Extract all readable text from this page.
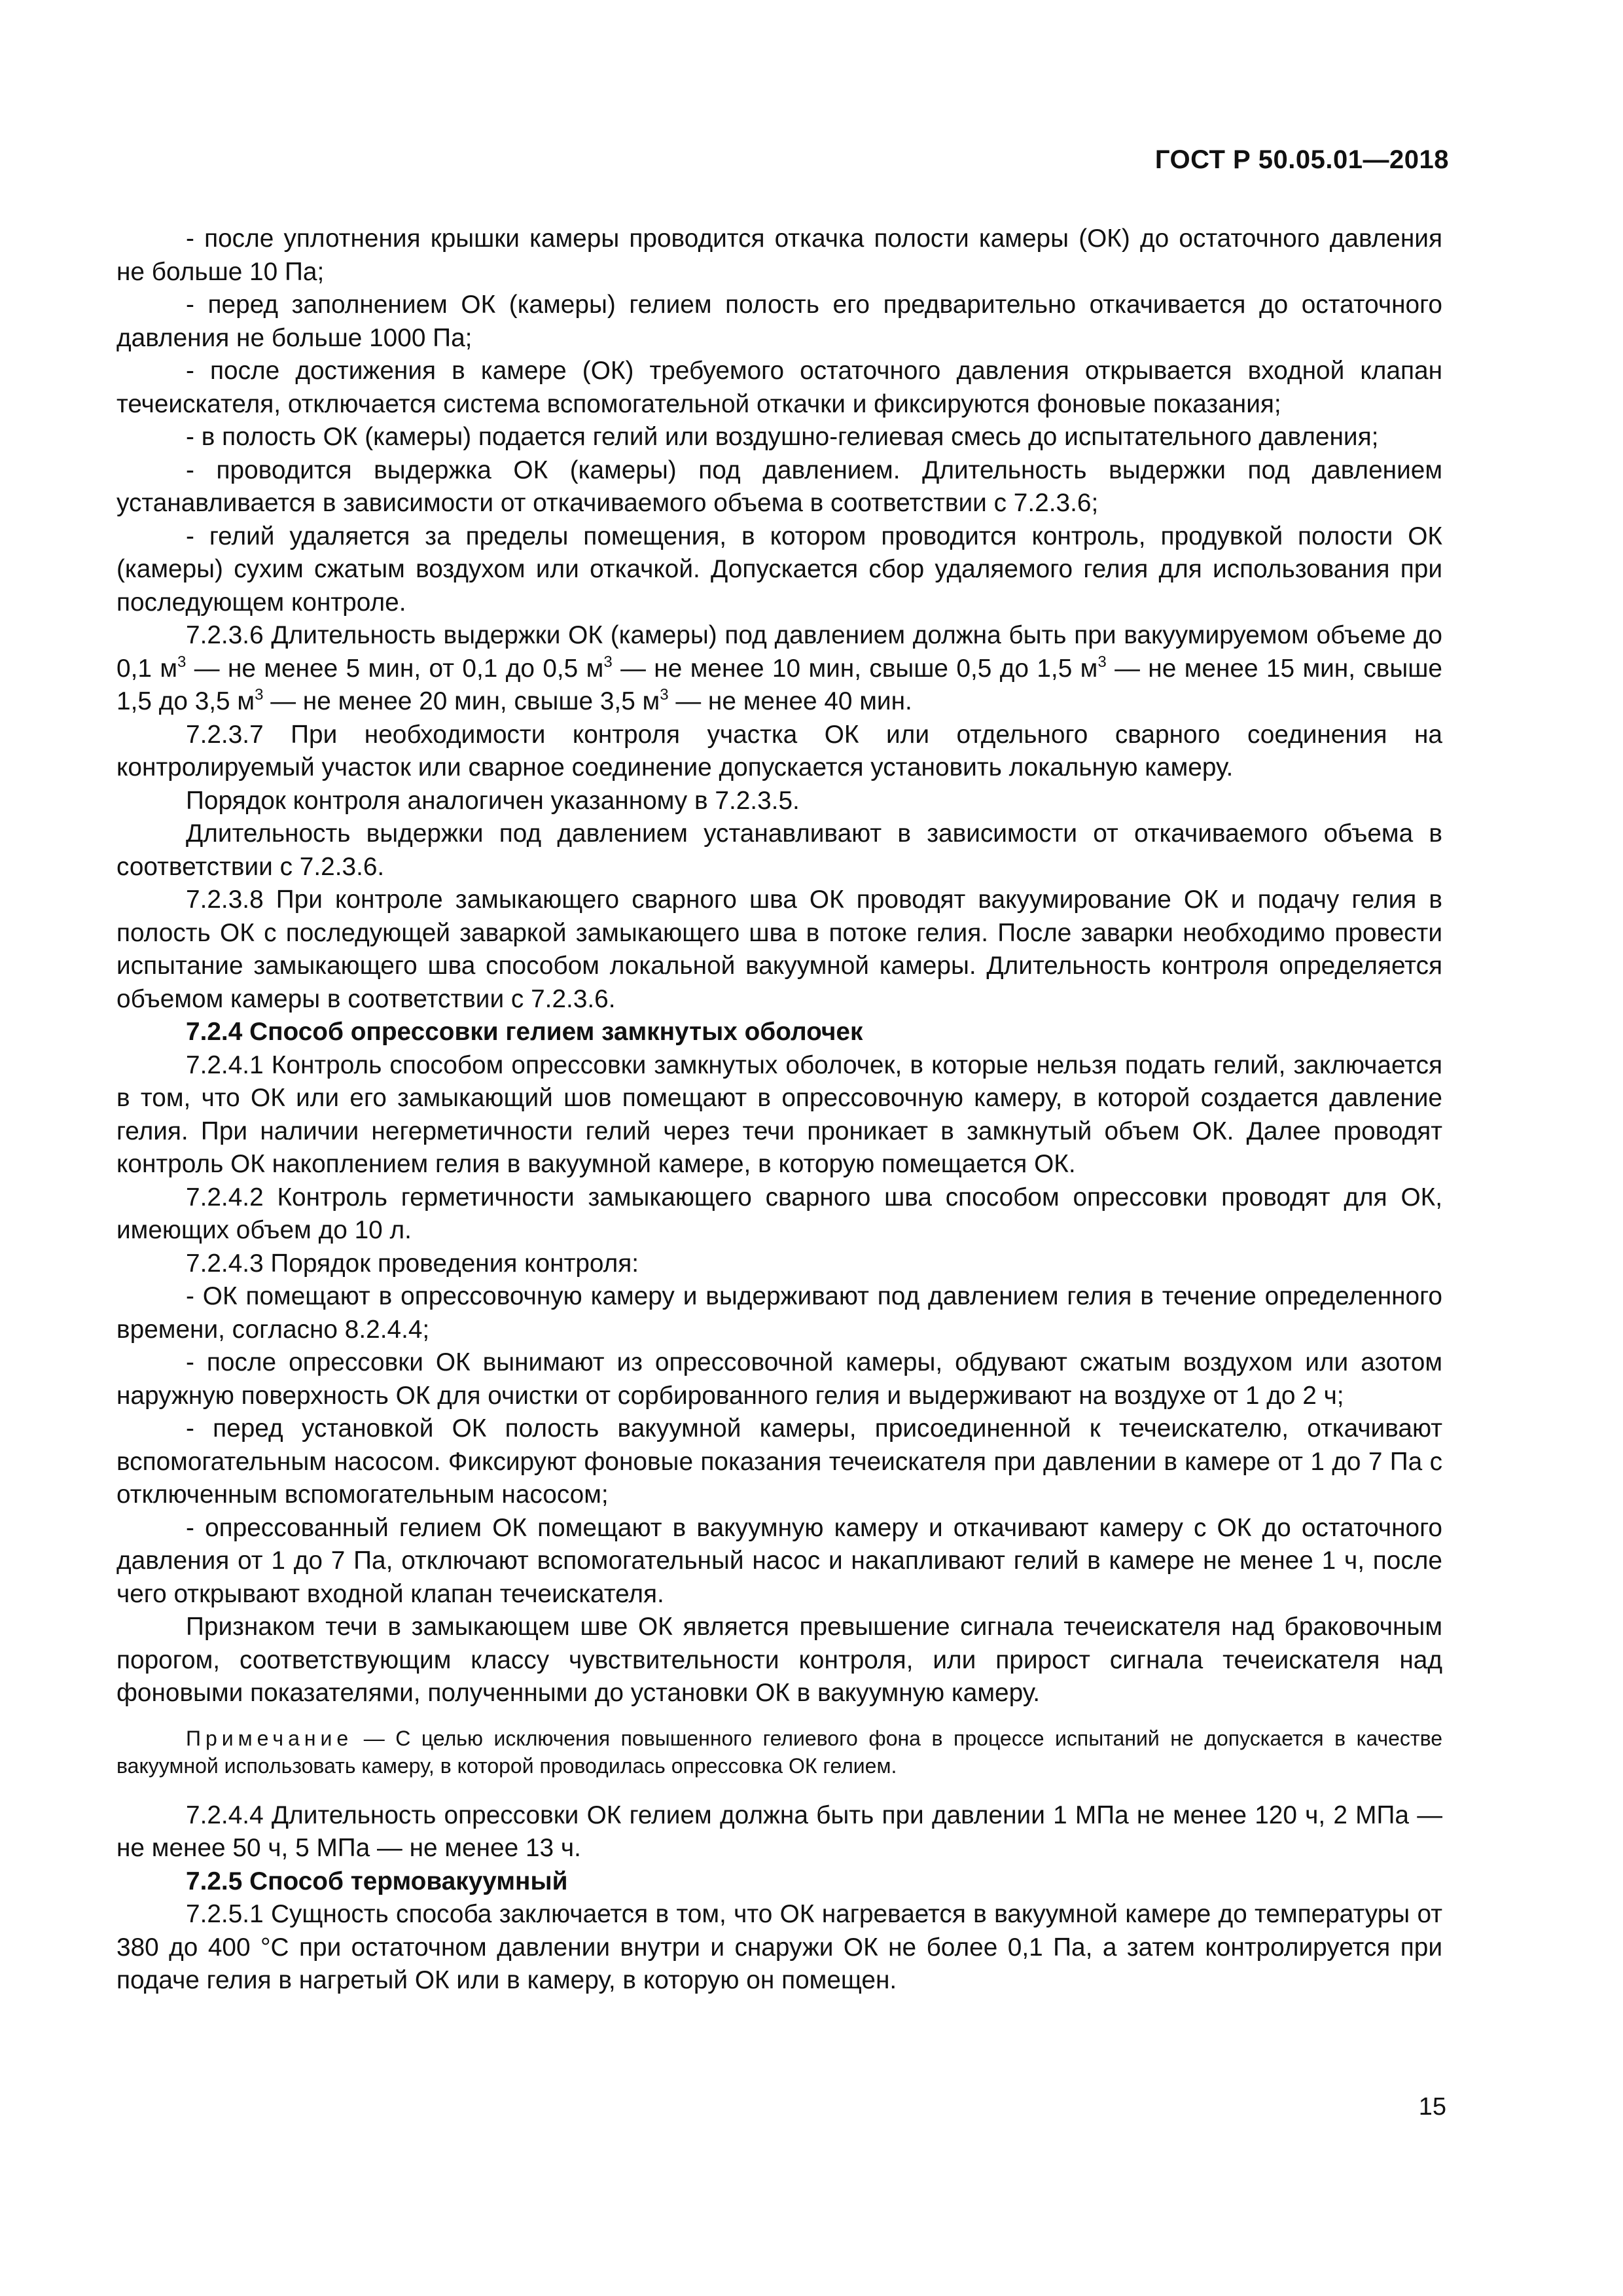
ГОСТ Р 50.05.01—2018

- после уплотнения крышки камеры проводится откачка полости камеры (ОК) до остаточного давления не больше 10 Па;

- перед заполнением ОК (камеры) гелием полость его предварительно откачивается до остаточного давления не больше 1000 Па;

- после достижения в камере (ОК) требуемого остаточного давления открывается входной клапан течеискателя, отключается система вспомогательной откачки и фиксируются фоновые показания;

- в полость ОК (камеры) подается гелий или воздушно-гелиевая смесь до испытательного давления;

- проводится выдержка ОК (камеры) под давлением. Длительность выдержки под давлением устанавливается в зависимости от откачиваемого объема в соответствии с 7.2.3.6;

- гелий удаляется за пределы помещения, в котором проводится контроль, продувкой полости ОК (камеры) сухим сжатым воздухом или откачкой. Допускается сбор удаляемого гелия для использования при последующем контроле.

7.2.3.6 Длительность выдержки ОК (камеры) под давлением должна быть при вакуумируемом объеме до 0,1 $м^3$ — не менее 5 мин, от 0,1 до 0,5 $м^3$ — не менее 10 мин, свыше 0,5 до 1,5 $м^3$ — не менее 15 мин, свыше 1,5 до 3,5 $м^3$ — не менее 20 мин, свыше 3,5 $м^3$ — не менее 40 мин.

7.2.3.7 При необходимости контроля участка ОК или отдельного сварного соединения на контролируемый участок или сварное соединение допускается установить локальную камеру.

Порядок контроля аналогичен указанному в 7.2.3.5.

Длительность выдержки под давлением устанавливают в зависимости от откачиваемого объема в соответствии с 7.2.3.6.

7.2.3.8 При контроле замыкающего сварного шва ОК проводят вакуумирование ОК и подачу гелия в полость ОК с последующей заваркой замыкающего шва в потоке гелия. После заварки необходимо провести испытание замыкающего шва способом локальной вакуумной камеры. Длительность контроля определяется объемом камеры в соответствии с 7.2.3.6.

7.2.4 Способ опрессовки гелием замкнутых оболочек

7.2.4.1 Контроль способом опрессовки замкнутых оболочек, в которые нельзя подать гелий, заключается в том, что ОК или его замыкающий шов помещают в опрессовочную камеру, в которой создается давление гелия. При наличии негерметичности гелий через течи проникает в замкнутый объем ОК. Далее проводят контроль ОК накоплением гелия в вакуумной камере, в которую помещается ОК.

7.2.4.2 Контроль герметичности замыкающего сварного шва способом опрессовки проводят для ОК, имеющих объем до 10 л.

7.2.4.3 Порядок проведения контроля:

- ОК помещают в опрессовочную камеру и выдерживают под давлением гелия в течение определенного времени, согласно 8.2.4.4;

- после опрессовки ОК вынимают из опрессовочной камеры, обдувают сжатым воздухом или азотом наружную поверхность ОК для очистки от сорбированного гелия и выдерживают на воздухе от 1 до 2 ч;

- перед установкой ОК полость вакуумной камеры, присоединенной к течеискателю, откачивают вспомогательным насосом. Фиксируют фоновые показания течеискателя при давлении в камере от 1 до 7 Па с отключенным вспомогательным насосом;

- опрессованный гелием ОК помещают в вакуумную камеру и откачивают камеру с ОК до остаточного давления от 1 до 7 Па, отключают вспомогательный насос и накапливают гелий в камере не менее 1 ч, после чего открывают входной клапан течеискателя.

Признаком течи в замыкающем шве ОК является превышение сигнала течеискателя над браковочным порогом, соответствующим классу чувствительности контроля, или прирост сигнала течеискателя над фоновыми показателями, полученными до установки ОК в вакуумную камеру.

Примечание — С целью исключения повышенного гелиевого фона в процессе испытаний не допускается в качестве вакуумной использовать камеру, в которой проводилась опрессовка ОК гелием.

7.2.4.4 Длительность опрессовки ОК гелием должна быть при давлении 1 МПа не менее 120 ч, 2 МПа — не менее 50 ч, 5 МПа — не менее 13 ч.

7.2.5 Способ термовакуумный

7.2.5.1 Сущность способа заключается в том, что ОК нагревается в вакуумной камере до температуры от 380 до 400 °С при остаточном давлении внутри и снаружи ОК не более 0,1 Па, а затем контролируется при подаче гелия в нагретый ОК или в камеру, в которую он помещен.

15
